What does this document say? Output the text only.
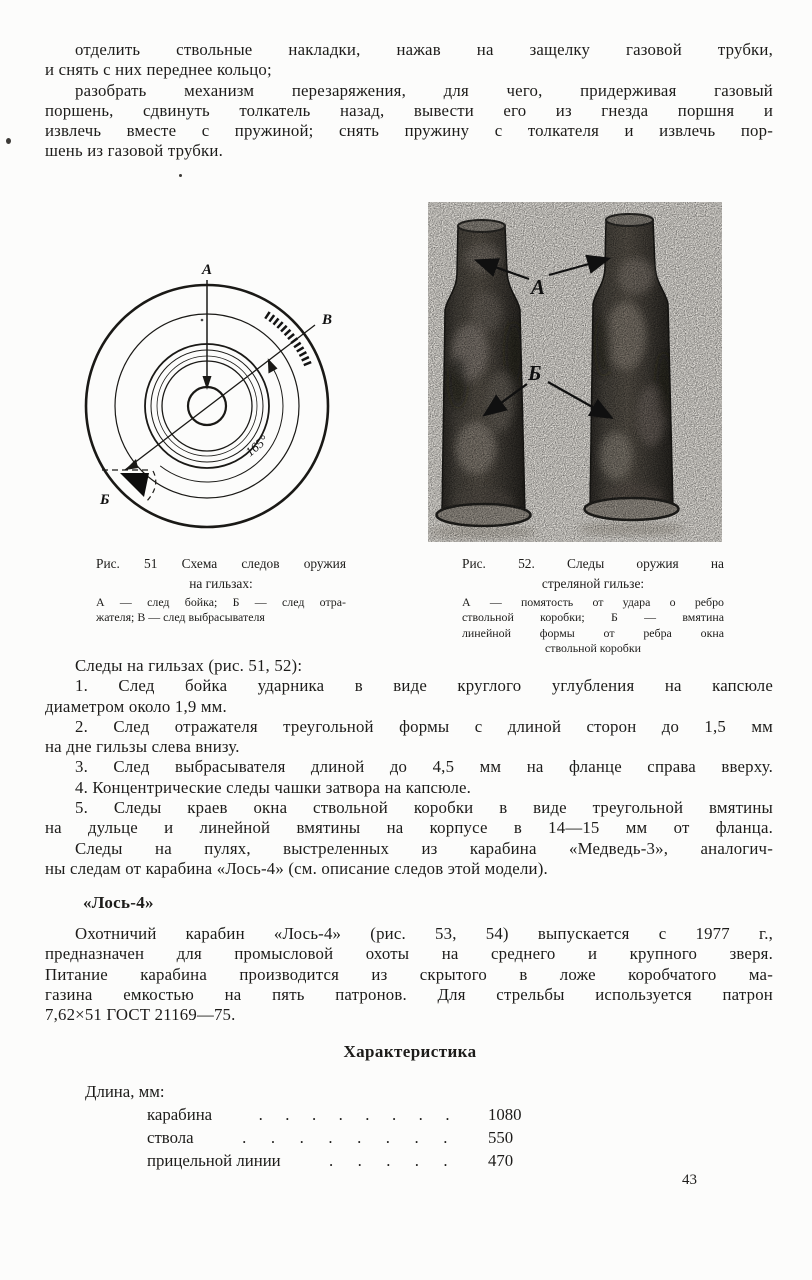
отделить ствольные накладки, нажав на защелку газовой трубки,
и снять с них переднее кольцо;
разобрать механизм перезаряжения, для чего, придерживая газовый
поршень, сдвинуть толкатель назад, вывести его из гнезда поршня и
извлечь вместе с пружиной; снять пружину с толкателя и извлечь пор-
шень из газовой трубки.
А
В
165°
Б
А
Б
Рис. 51 Схема следов оружия
на гильзах:
А — след бойка; Б — след отра-
жателя; В — след выбрасывателя
Рис. 52. Следы оружия на
стреляной гильзе:
А — помятость от удара о ребро
ствольной коробки; Б — вмятина
линейной формы от ребра окна
ствольной коробки
Следы на гильзах (рис. 51, 52):
1. След бойка ударника в виде круглого углубления на капсюле
диаметром около 1,9 мм.
2. След отражателя треугольной формы с длиной сторон до 1,5 мм
на дне гильзы слева внизу.
3. След выбрасывателя длиной до 4,5 мм на фланце справа вверху.
4. Концентрические следы чашки затвора на капсюле.
5. Следы краев окна ствольной коробки в виде треугольной вмятины
на дульце и линейной вмятины на корпусе в 14—15 мм от фланца.
Следы на пулях, выстреленных из карабина «Медведь-3», аналогич-
ны следам от карабина «Лось-4» (см. описание следов этой модели).
«Лось-4»
Охотничий карабин «Лось-4» (рис. 53, 54) выпускается с 1977 г.,
предназначен для промысловой охоты на среднего и крупного зверя.
Питание карабина производится из скрытого в ложе коробчатого ма-
газина емкостью на пять патронов. Для стрельбы используется патрон
7,62×51 ГОСТ 21169—75.
Характеристика
Длина, мм:
карабина	. . . . . . . . 1080
ствола	. . . . . . . . 550
прицельной линии	. . . . . 470
43
